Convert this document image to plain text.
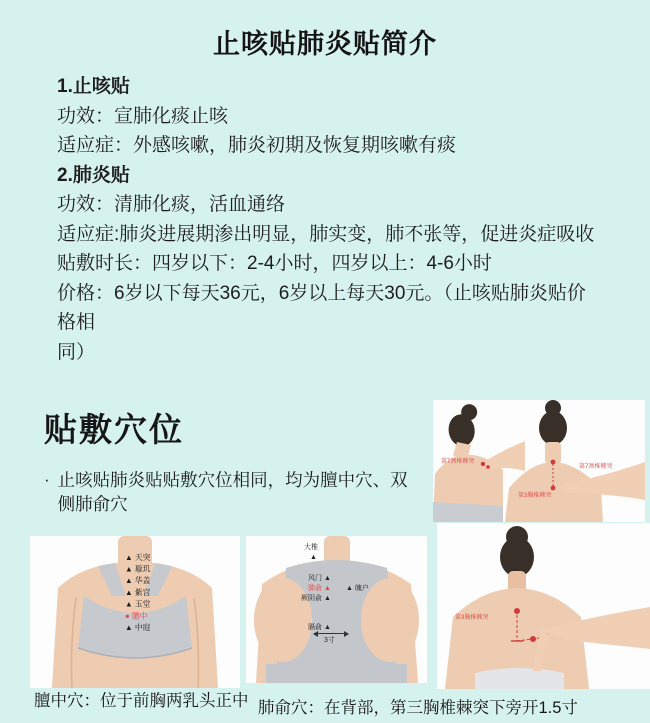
止咳贴肺炎贴简介
1.止咳贴
功效：宣肺化痰止咳
适应症：外感咳嗽，肺炎初期及恢复期咳嗽有痰
2.肺炎贴
功效：清肺化痰，活血通络
适应症:肺炎进展期渗出明显，肺实变，肺不张等，促进炎症吸收
贴敷时长：四岁以下：2-4小时，四岁以上：4-6小时
价格：6岁以下每天36元，6岁以上每天30元。（止咳贴肺炎贴价格相
同）
贴敷穴位
· 止咳贴肺炎贴贴敷穴位相同，均为膻中穴、双侧肺俞穴
第7颈椎棘突
第7颈椎棘突
第3胸椎棘突
▲ 天突
▲ 璇玑
▲ 华盖
▲ 紫宫
▲ 玉堂
● 膻中
▲ 中庭
大椎
▲
风门 ▲
肺俞 ▲
厥阴俞 ▲
▲ 魄户
膈俞 ▲
3寸
第3胸椎棘突
膻中穴：位于前胸两乳头正中 肺俞穴：在背部，第三胸椎棘突下旁开1.5寸
